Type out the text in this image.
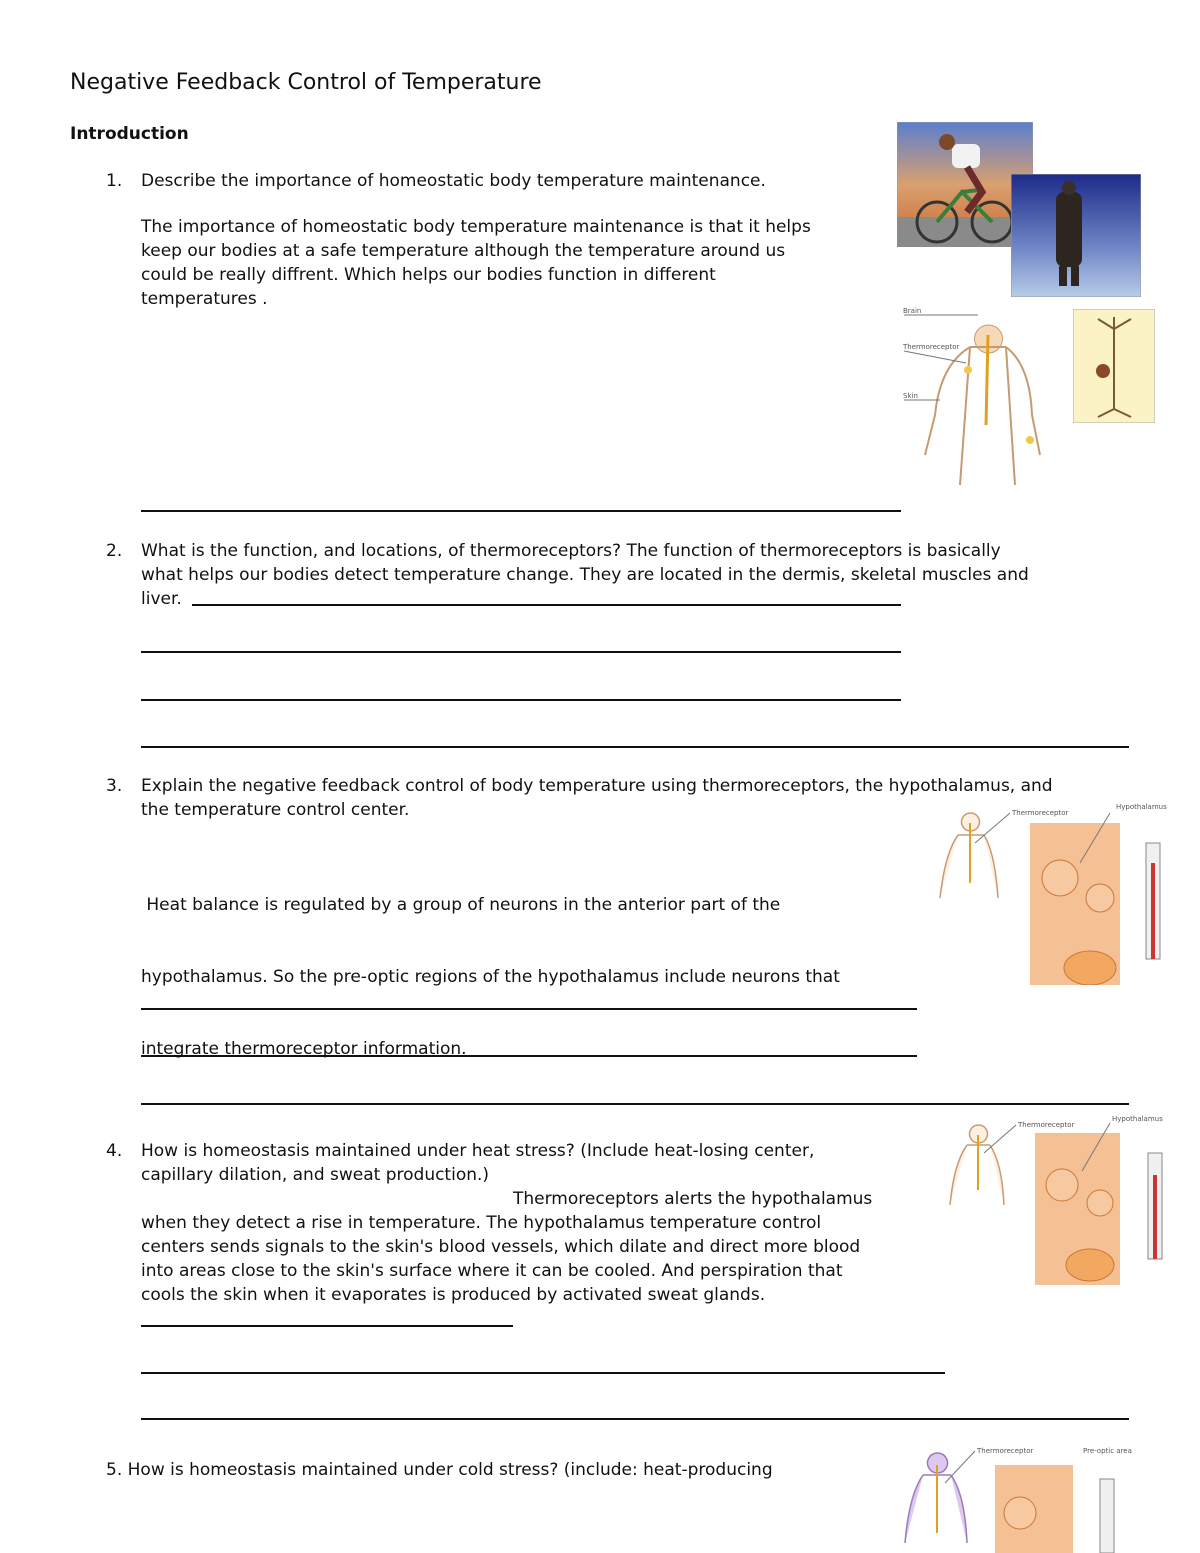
Negative Feedback Control of Temperature
Introduction
1. Describe the importance of homeostatic body temperature maintenance.
The importance of homeostatic body temperature maintenance is that it helps
keep our bodies at a safe temperature although the temperature around us
could be really diffrent. Which helps our bodies function in different
temperatures .
2. What is the function, and locations, of thermoreceptors? The function of thermoreceptors is basically
what helps our bodies detect temperature change. They are located in the dermis, skeletal muscles and
liver.
3. Explain the negative feedback control of body temperature using thermoreceptors, the hypothalamus, and
the temperature control center.

Heat balance is regulated by a group of neurons in the anterior part of the

hypothalamus. So the pre-optic regions of the hypothalamus include neurons that

integrate thermoreceptor information.

4. How is homeostasis maintained under heat stress? (Include heat-losing center,
capillary dilation, and sweat production.)
Thermoreceptors alerts the hypothalamus
when they detect a rise in temperature. The hypothalamus temperature control
centers sends signals to the skin's blood vessels, which dilate and direct more blood
into areas close to the skin's surface where it can be cooled. And perspiration that
cools the skin when it evaporates is produced by activated sweat glands.
5. How is homeostasis maintained under cold stress? (include: heat-producing
Brain
Thermoreceptor
Skin
Thermoreceptor
Hypothalamus
Thermoreceptor
Hypothalamus
Thermoreceptor	Pre-optic area
